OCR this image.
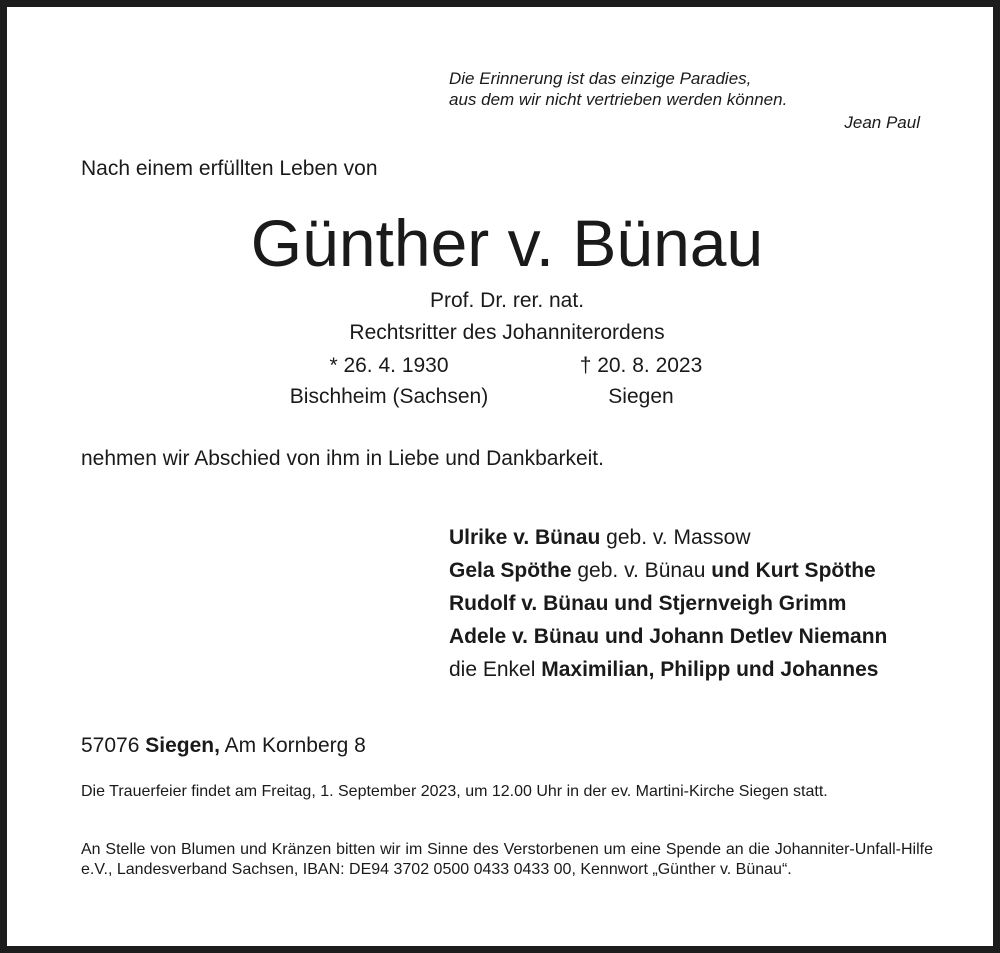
Die Erinnerung ist das einzige Paradies,
aus dem wir nicht vertrieben werden können.
Jean Paul
Nach einem erfüllten Leben von
Günther v. Bünau
Prof. Dr. rer. nat.
Rechtsritter des Johanniterordens
* 26. 4. 1930	† 20. 8. 2023
Bischheim (Sachsen)	Siegen
nehmen wir Abschied von ihm in Liebe und Dankbarkeit.
Ulrike v. Bünau geb. v. Massow
Gela Spöthe geb. v. Bünau und Kurt Spöthe
Rudolf v. Bünau und Stjernveigh Grimm
Adele v. Bünau und Johann Detlev Niemann
die Enkel Maximilian, Philipp und Johannes
57076 Siegen, Am Kornberg 8

Die Trauerfeier findet am Freitag, 1. September 2023, um 12.00 Uhr in der ev. Martini-Kirche Siegen statt.

An Stelle von Blumen und Kränzen bitten wir im Sinne des Verstorbenen um eine Spende an die Johanniter-Unfall-Hilfe e.V., Landesverband Sachsen, IBAN: DE94 3702 0500 0433 0433 00, Kennwort „Günther v. Bünau“.
